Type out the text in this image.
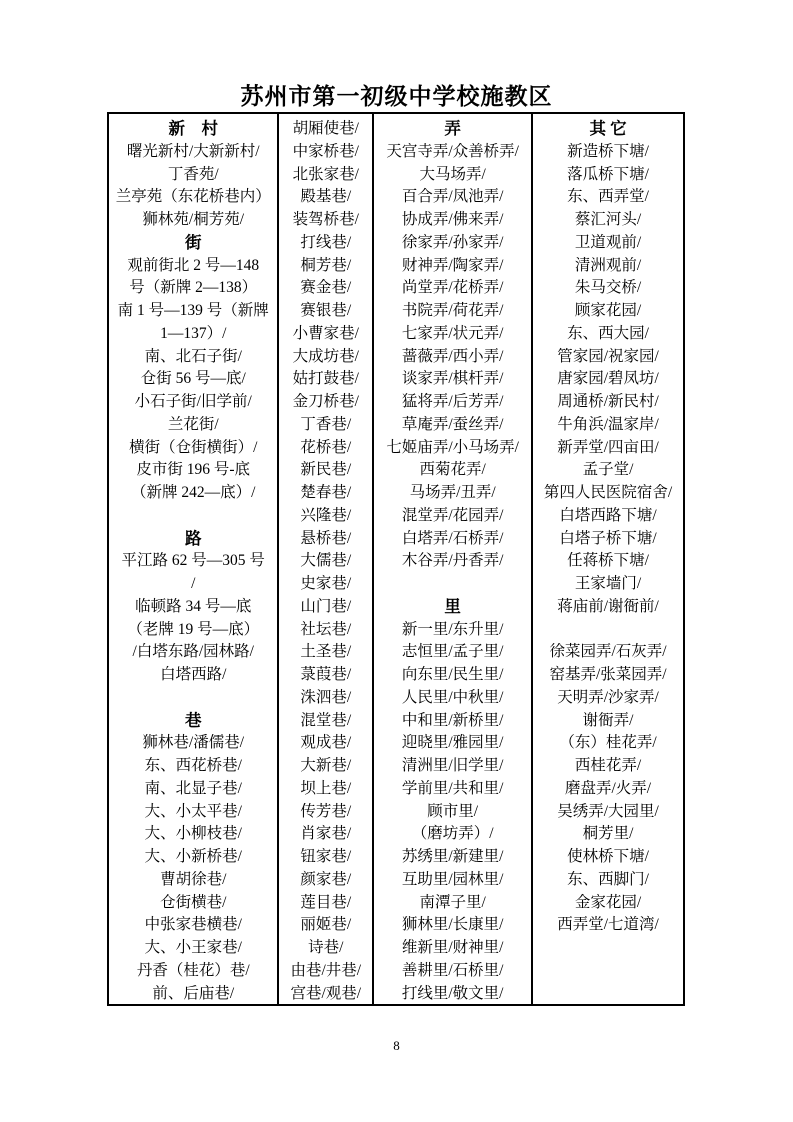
苏州市第一初级中学校施教区
新　村
曙光新村/大新新村/
丁香苑/
兰亭苑（东花桥巷内）
狮林苑/桐芳苑/
街
观前街北 2 号—148
号（新牌 2—138）
南 1 号—139 号（新牌
1—137）/
南、北石子街/
仓街 56 号—底/
小石子街/旧学前/
兰花街/
横街（仓街横街）/
皮市街 196 号-底
（新牌 242—底）/
路
平江路 62 号—305 号
/
临顿路 34 号—底
（老牌 19 号—底）
/白塔东路/园林路/
白塔西路/
巷
狮林巷/潘儒巷/
东、西花桥巷/
南、北显子巷/
大、小太平巷/
大、小柳枝巷/
大、小新桥巷/
曹胡徐巷/
仓街横巷/
中张家巷横巷/
大、小王家巷/
丹香（桂花）巷/
前、后庙巷/
胡厢使巷/
中家桥巷/
北张家巷/
殿基巷/
装驾桥巷/
打线巷/
桐芳巷/
赛金巷/
赛银巷/
小曹家巷/
大成坊巷/
姑打鼓巷/
金刀桥巷/
丁香巷/
花桥巷/
新民巷/
楚春巷/
兴隆巷/
悬桥巷/
大儒巷/
史家巷/
山门巷/
社坛巷/
土圣巷/
菉葭巷/
洙泗巷/
混堂巷/
观成巷/
大新巷/
坝上巷/
传芳巷/
肖家巷/
钮家巷/
颜家巷/
莲目巷/
丽姬巷/
诗巷/
由巷/井巷/
宫巷/观巷/
弄
天宫寺弄/众善桥弄/
大马场弄/
百合弄/凤池弄/
协成弄/佛来弄/
徐家弄/孙家弄/
财神弄/陶家弄/
尚堂弄/花桥弄/
书院弄/荷花弄/
七家弄/状元弄/
蔷薇弄/西小弄/
谈家弄/棋杆弄/
猛将弄/后芳弄/
草庵弄/蚕丝弄/
七姬庙弄/小马场弄/
西菊花弄/
马场弄/丑弄/
混堂弄/花园弄/
白塔弄/石桥弄/
木谷弄/丹香弄/
里
新一里/东升里/
志恒里/孟子里/
向东里/民生里/
人民里/中秋里/
中和里/新桥里/
迎晓里/雅园里/
清洲里/旧学里/
学前里/共和里/
顾市里/
（磨坊弄）/
苏绣里/新建里/
互助里/园林里/
南潭子里/
狮林里/长康里/
维新里/财神里/
善耕里/石桥里/
打线里/敬文里/
其 它
新造桥下塘/
落瓜桥下塘/
东、西弄堂/
蔡汇河头/
卫道观前/
清洲观前/
朱马交桥/
顾家花园/
东、西大园/
管家园/祝家园/
唐家园/碧凤坊/
周通桥/新民村/
牛角浜/温家岸/
新弄堂/四亩田/
孟子堂/
第四人民医院宿舍/
白塔西路下塘/
白塔子桥下塘/
任蒋桥下塘/
王家墙门/
蒋庙前/谢衙前/
徐菜园弄/石灰弄/
窑基弄/张菜园弄/
天明弄/沙家弄/
谢衙弄/
（东）桂花弄/
西桂花弄/
磨盘弄/火弄/
吴绣弄/大园里/
桐芳里/
使林桥下塘/
东、西脚门/
金家花园/
西弄堂/七道湾/
8
